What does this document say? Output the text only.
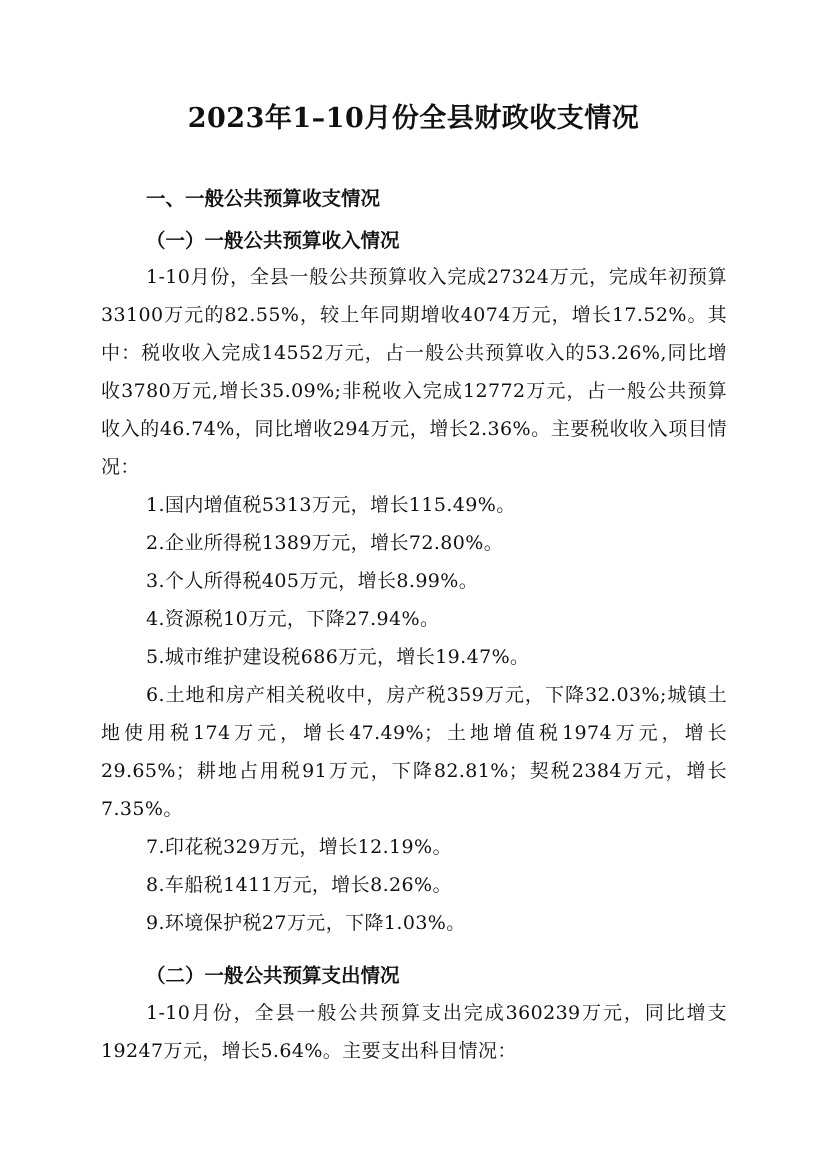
2023年1–10月份全县财政收支情况
一、一般公共预算收支情况
（一）一般公共预算收入情况

1-10月份，全县一般公共预算收入完成27324万元，完成年初预算33100万元的82.55%，较上年同期增收4074万元，增长17.52%。其中：税收收入完成14552万元，占一般公共预算收入的53.26%,同比增收3780万元,增长35.09%;非税收入完成12772万元，占一般公共预算收入的46.74%，同比增收294万元，增长2.36%。主要税收收入项目情况：

1.国内增值税5313万元，增长115.49%。
2.企业所得税1389万元，增长72.80%。
3.个人所得税405万元，增长8.99%。
4.资源税10万元，下降27.94%。
5.城市维护建设税686万元，增长19.47%。
6.土地和房产相关税收中，房产税359万元，下降32.03%;城镇土地使用税174万元，增长47.49%；土地增值税1974万元，增长29.65%；耕地占用税91万元，下降82.81%；契税2384万元，增长7.35%。
7.印花税329万元，增长12.19%。
8.车船税1411万元，增长8.26%。
9.环境保护税27万元，下降1.03%。
（二）一般公共预算支出情况

1-10月份，全县一般公共预算支出完成360239万元，同比增支19247万元，增长5.64%。主要支出科目情况：
